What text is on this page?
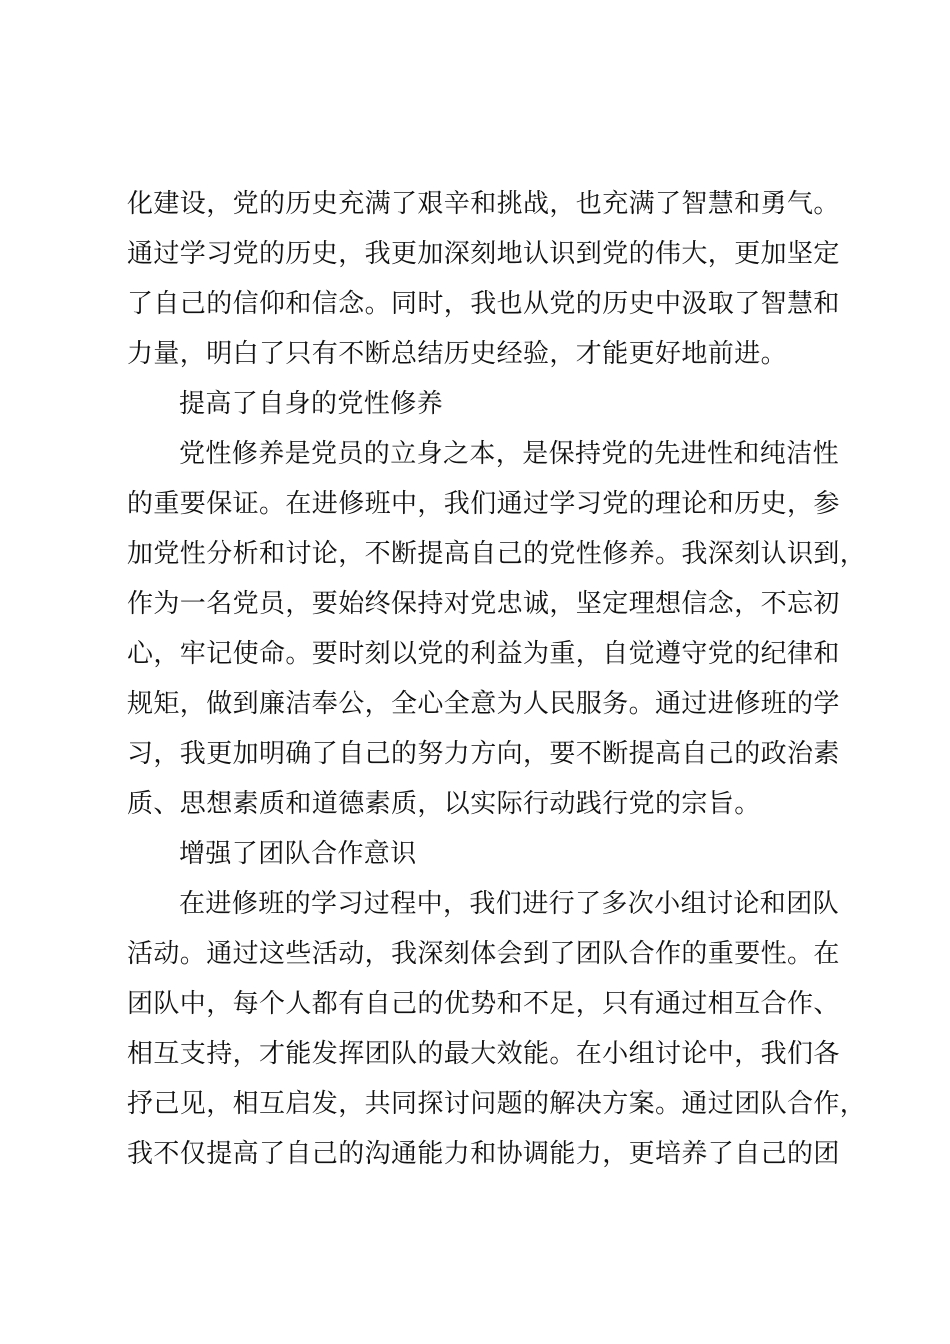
化建设，党的历史充满了艰辛和挑战，也充满了智慧和勇气。
通过学习党的历史，我更加深刻地认识到党的伟大，更加坚定
了自己的信仰和信念。同时，我也从党的历史中汲取了智慧和
力量，明白了只有不断总结历史经验，才能更好地前进。
提高了自身的党性修养
党性修养是党员的立身之本，是保持党的先进性和纯洁性
的重要保证。在进修班中，我们通过学习党的理论和历史，参
加党性分析和讨论，不断提高自己的党性修养。我深刻认识到，
作为一名党员，要始终保持对党忠诚，坚定理想信念，不忘初
心，牢记使命。要时刻以党的利益为重，自觉遵守党的纪律和
规矩，做到廉洁奉公，全心全意为人民服务。通过进修班的学
习，我更加明确了自己的努力方向，要不断提高自己的政治素
质、思想素质和道德素质，以实际行动践行党的宗旨。
增强了团队合作意识
在进修班的学习过程中，我们进行了多次小组讨论和团队
活动。通过这些活动，我深刻体会到了团队合作的重要性。在
团队中，每个人都有自己的优势和不足，只有通过相互合作、
相互支持，才能发挥团队的最大效能。在小组讨论中，我们各
抒己见，相互启发，共同探讨问题的解决方案。通过团队合作，
我不仅提高了自己的沟通能力和协调能力，更培养了自己的团
